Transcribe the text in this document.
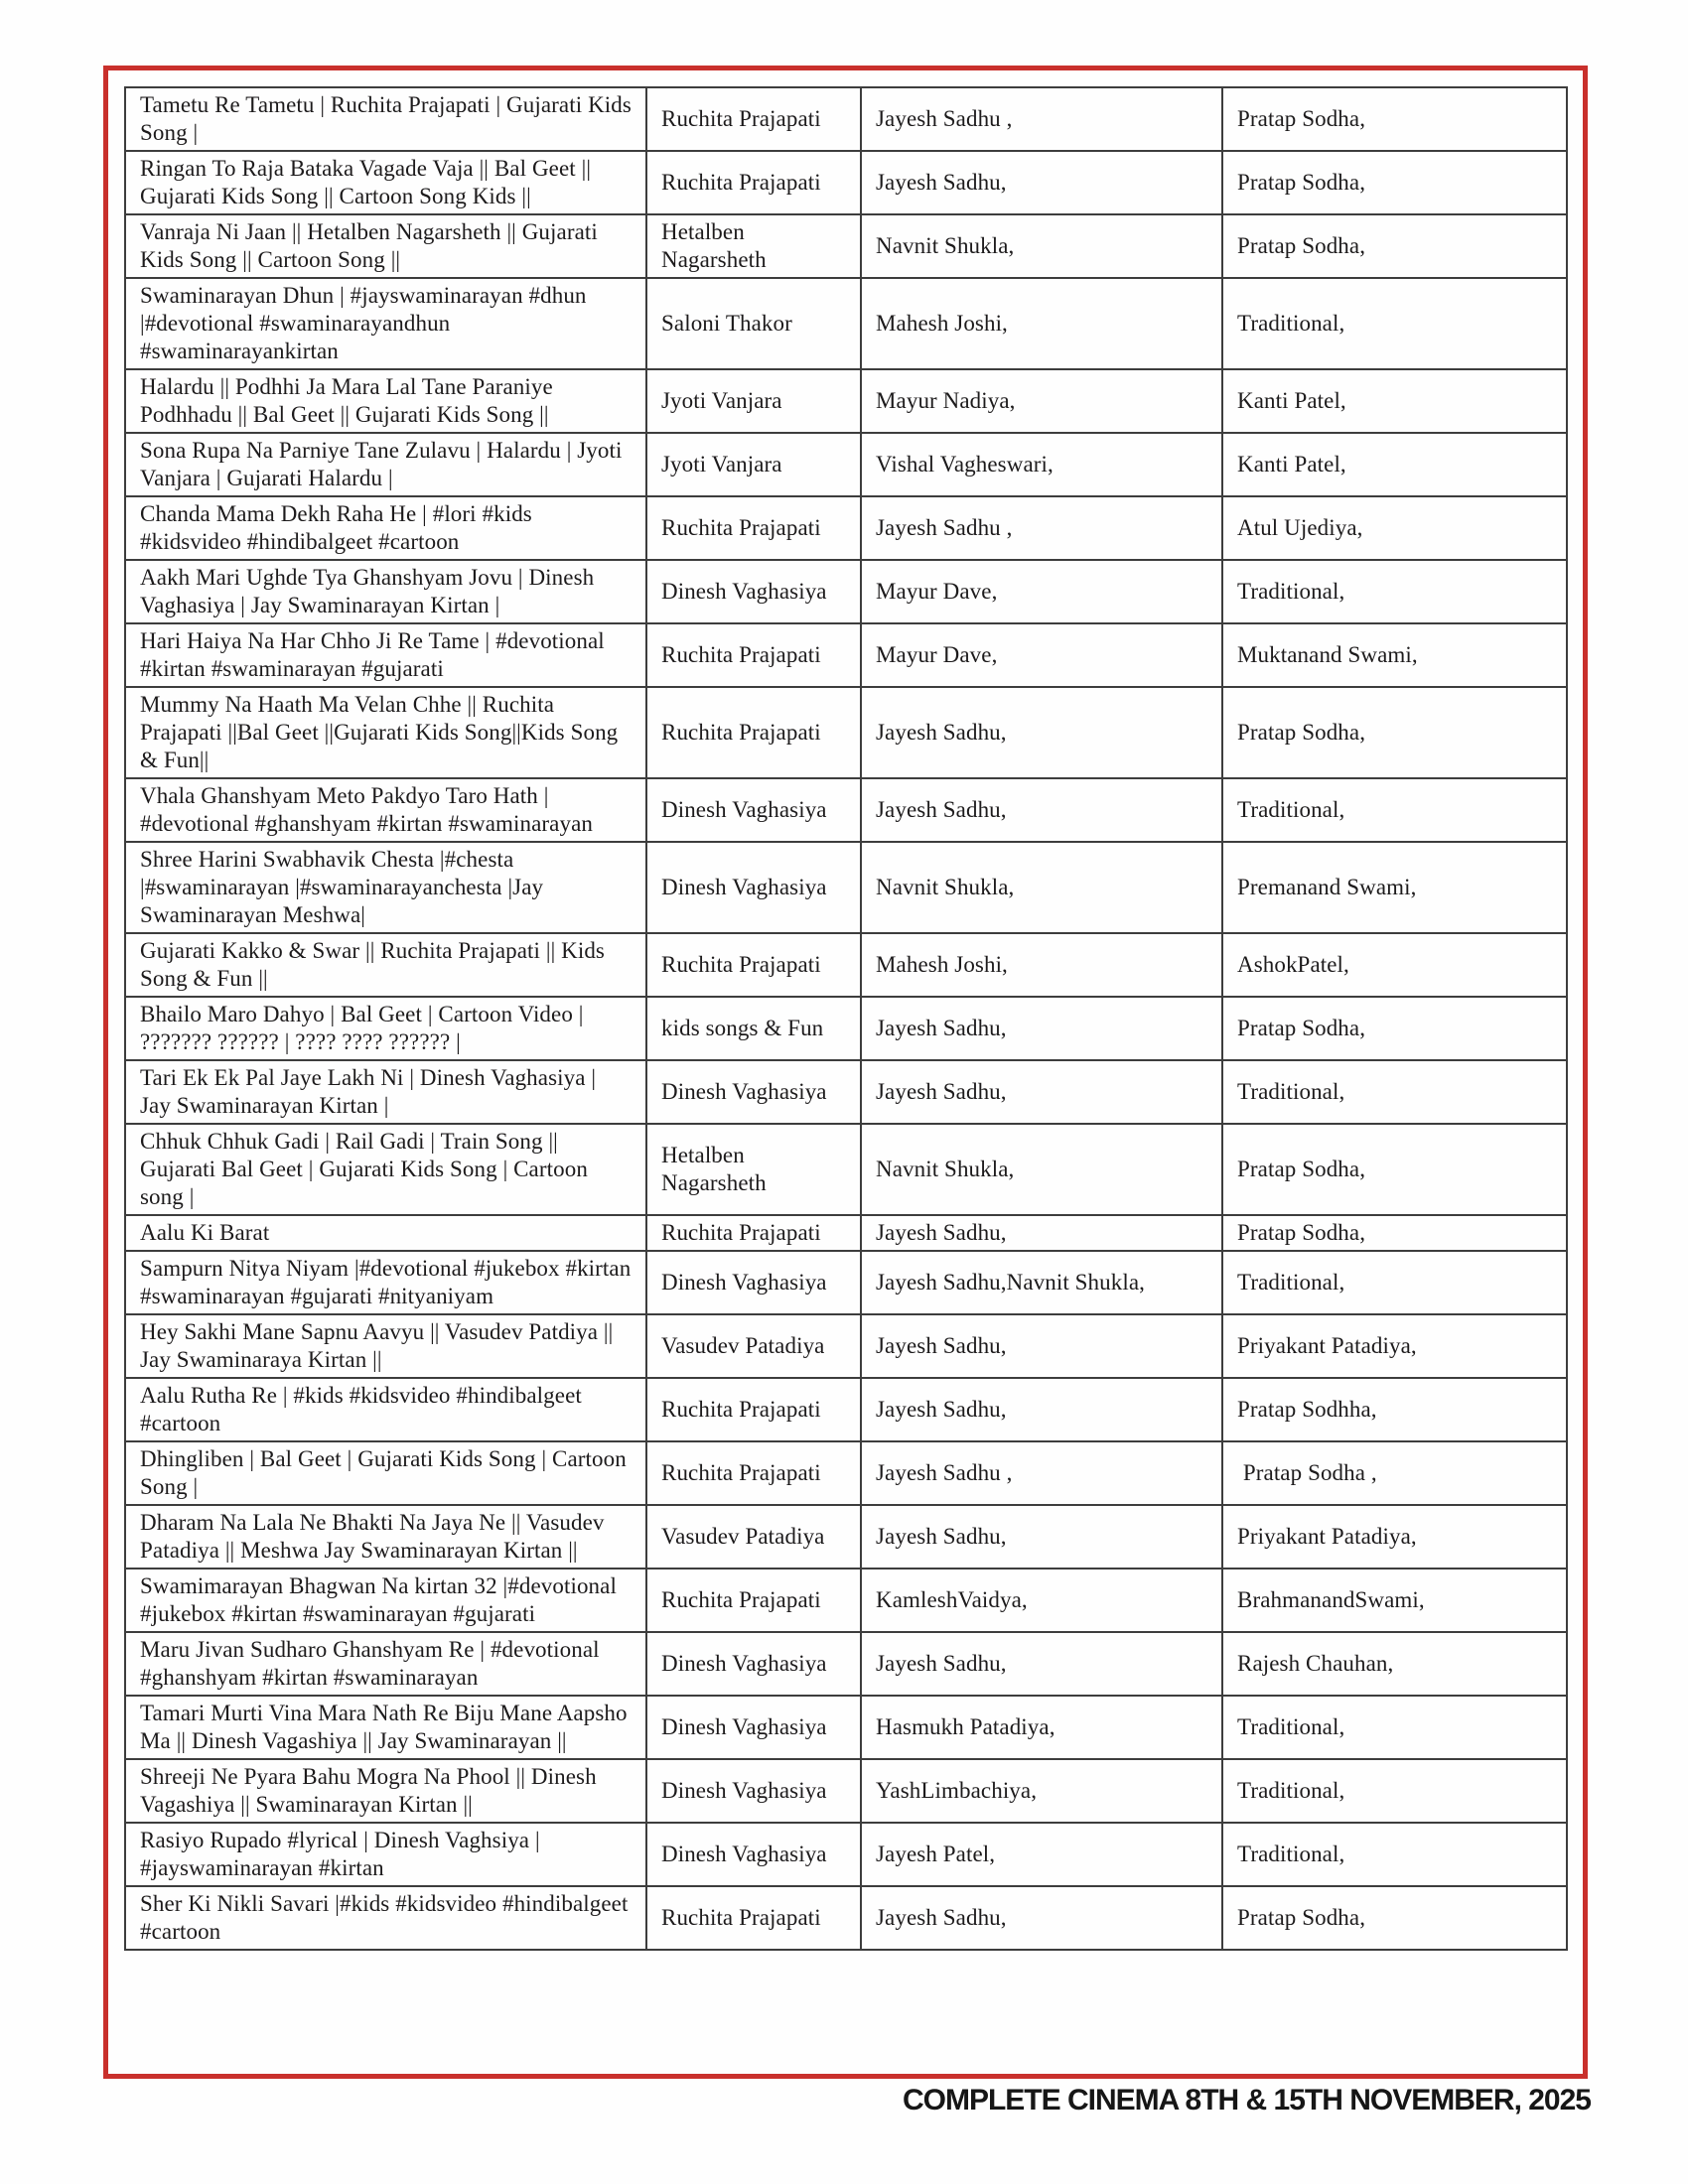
Tametu Re Tametu | Ruchita Prajapati | Gujarati Kids Song |	Ruchita Prajapati	Jayesh Sadhu ,	Pratap Sodha,
Ringan To Raja Bataka Vagade Vaja || Bal Geet || Gujarati Kids Song || Cartoon Song Kids ||	Ruchita Prajapati	Jayesh Sadhu,	Pratap Sodha,
Vanraja Ni Jaan || Hetalben Nagarsheth || Gujarati Kids Song || Cartoon Song ||	Hetalben Nagarsheth	Navnit Shukla,	Pratap Sodha,
Swaminarayan Dhun | #jayswaminarayan #dhun |#devotional #swaminarayandhun #swaminarayankirtan	Saloni Thakor	Mahesh Joshi,	Traditional,
Halardu || Podhhi Ja Mara Lal Tane Paraniye Podhhadu || Bal Geet || Gujarati Kids Song ||	Jyoti Vanjara	Mayur Nadiya,	Kanti Patel,
Sona Rupa Na Parniye Tane Zulavu | Halardu | Jyoti Vanjara | Gujarati Halardu |	Jyoti Vanjara	Vishal Vagheswari,	Kanti Patel,
Chanda Mama Dekh Raha He | #lori #kids #kidsvideo #hindibalgeet #cartoon	Ruchita Prajapati	Jayesh Sadhu ,	Atul Ujediya,
Aakh Mari Ughde Tya Ghanshyam Jovu | Dinesh Vaghasiya | Jay Swaminarayan Kirtan |	Dinesh Vaghasiya	Mayur Dave,	Traditional,
Hari Haiya Na Har Chho Ji Re Tame | #devotional #kirtan #swaminarayan #gujarati	Ruchita Prajapati	Mayur Dave,	Muktanand Swami,
Mummy Na Haath Ma Velan Chhe || Ruchita Prajapati ||Bal Geet ||Gujarati Kids Song||Kids Song & Fun||	Ruchita Prajapati	Jayesh Sadhu,	Pratap Sodha,
Vhala Ghanshyam Meto Pakdyo Taro Hath | #devotional #ghanshyam #kirtan #swaminarayan	Dinesh Vaghasiya	Jayesh Sadhu,	Traditional,
Shree Harini Swabhavik Chesta |#chesta |#swaminarayan |#swaminarayanchesta |Jay Swaminarayan Meshwa|	Dinesh Vaghasiya	Navnit Shukla,	Premanand Swami,
Gujarati Kakko & Swar || Ruchita Prajapati || Kids Song & Fun ||	Ruchita Prajapati	Mahesh Joshi,	AshokPatel,
Bhailo Maro Dahyo | Bal Geet | Cartoon Video | ??????? ?????? | ???? ???? ?????? |	kids songs & Fun	Jayesh Sadhu,	Pratap Sodha,
Tari Ek Ek Pal Jaye Lakh Ni | Dinesh Vaghasiya | Jay Swaminarayan Kirtan |	Dinesh Vaghasiya	Jayesh Sadhu,	Traditional,
Chhuk Chhuk Gadi | Rail Gadi | Train Song || Gujarati Bal Geet | Gujarati Kids Song | Cartoon song |	Hetalben Nagarsheth	Navnit Shukla,	Pratap Sodha,
Aalu Ki Barat	Ruchita Prajapati	Jayesh Sadhu,	Pratap Sodha,
Sampurn Nitya Niyam |#devotional #jukebox #kirtan #swaminarayan #gujarati #nityaniyam	Dinesh Vaghasiya	Jayesh Sadhu,Navnit Shukla,	Traditional,
Hey Sakhi Mane Sapnu Aavyu || Vasudev Patdiya || Jay Swaminaraya Kirtan ||	Vasudev Patadiya	Jayesh Sadhu,	Priyakant Patadiya,
Aalu Rutha Re | #kids #kidsvideo #hindibalgeet #cartoon	Ruchita Prajapati	Jayesh Sadhu,	Pratap Sodhha,
Dhingliben | Bal Geet | Gujarati Kids Song | Cartoon Song |	Ruchita Prajapati	Jayesh Sadhu ,	Pratap Sodha ,
Dharam Na Lala Ne Bhakti Na Jaya Ne || Vasudev Patadiya || Meshwa Jay Swaminarayan Kirtan ||	Vasudev Patadiya	Jayesh Sadhu,	Priyakant Patadiya,
Swamimarayan Bhagwan Na kirtan 32 |#devotional #jukebox #kirtan #swaminarayan #gujarati	Ruchita Prajapati	KamleshVaidya,	BrahmanandSwami,
Maru Jivan Sudharo Ghanshyam Re | #devotional #ghanshyam #kirtan #swaminarayan	Dinesh Vaghasiya	Jayesh Sadhu,	Rajesh Chauhan,
Tamari Murti Vina Mara Nath Re Biju Mane Aapsho Ma || Dinesh Vagashiya || Jay Swaminarayan ||	Dinesh Vaghasiya	Hasmukh Patadiya,	Traditional,
Shreeji Ne Pyara Bahu Mogra Na Phool || Dinesh Vagashiya || Swaminarayan Kirtan ||	Dinesh Vaghasiya	YashLimbachiya,	Traditional,
Rasiyo Rupado #lyrical | Dinesh Vaghsiya | #jayswaminarayan #kirtan	Dinesh Vaghasiya	Jayesh Patel,	Traditional,
Sher Ki Nikli Savari |#kids #kidsvideo #hindibalgeet #cartoon	Ruchita Prajapati	Jayesh Sadhu,	Pratap Sodha,
COMPLETE CINEMA 8TH & 15TH NOVEMBER, 2025
